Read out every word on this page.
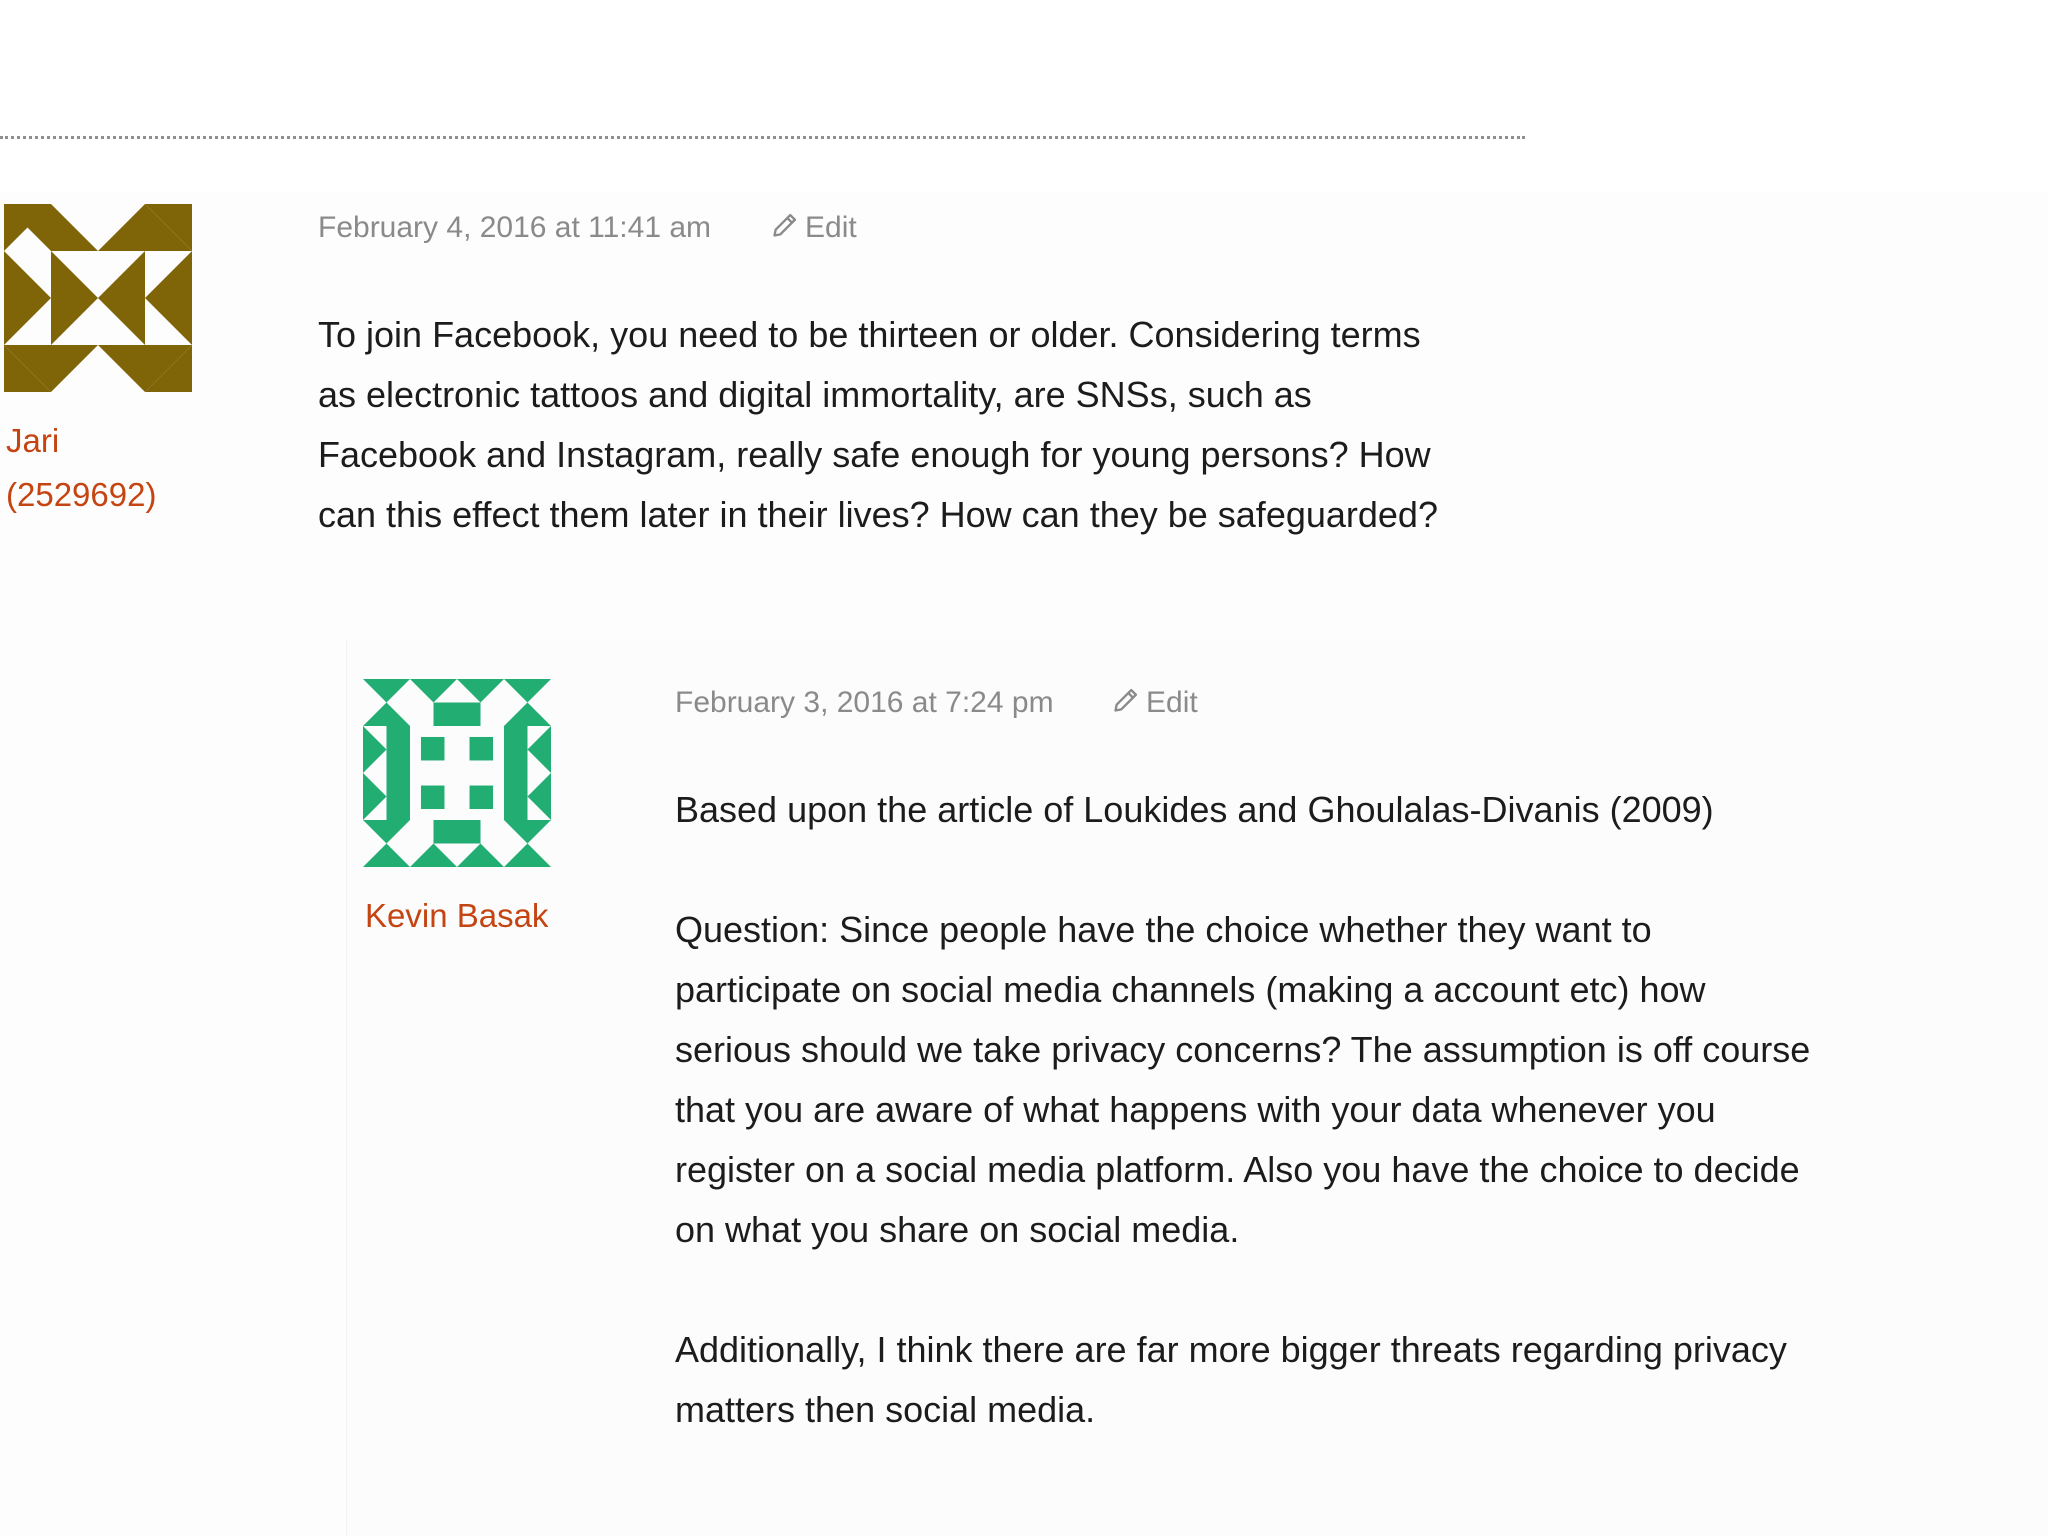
Jari
(2529692)
February 4, 2016 at 11:41 am	Edit

To join Facebook, you need to be thirteen or older. Considering terms
as electronic tattoos and digital immortality, are SNSs, such as
Facebook and Instagram, really safe enough for young persons? How
can this effect them later in their lives? How can they be safeguarded?

Kevin Basak
February 3, 2016 at 7:24 pm	Edit

Based upon the article of Loukides and Ghoulalas-Divanis (2009)

Question: Since people have the choice whether they want to
participate on social media channels (making a account etc) how
serious should we take privacy concerns? The assumption is off course
that you are aware of what happens with your data whenever you
register on a social media platform. Also you have the choice to decide
on what you share on social media.

Additionally, I think there are far more bigger threats regarding privacy
matters then social media.
